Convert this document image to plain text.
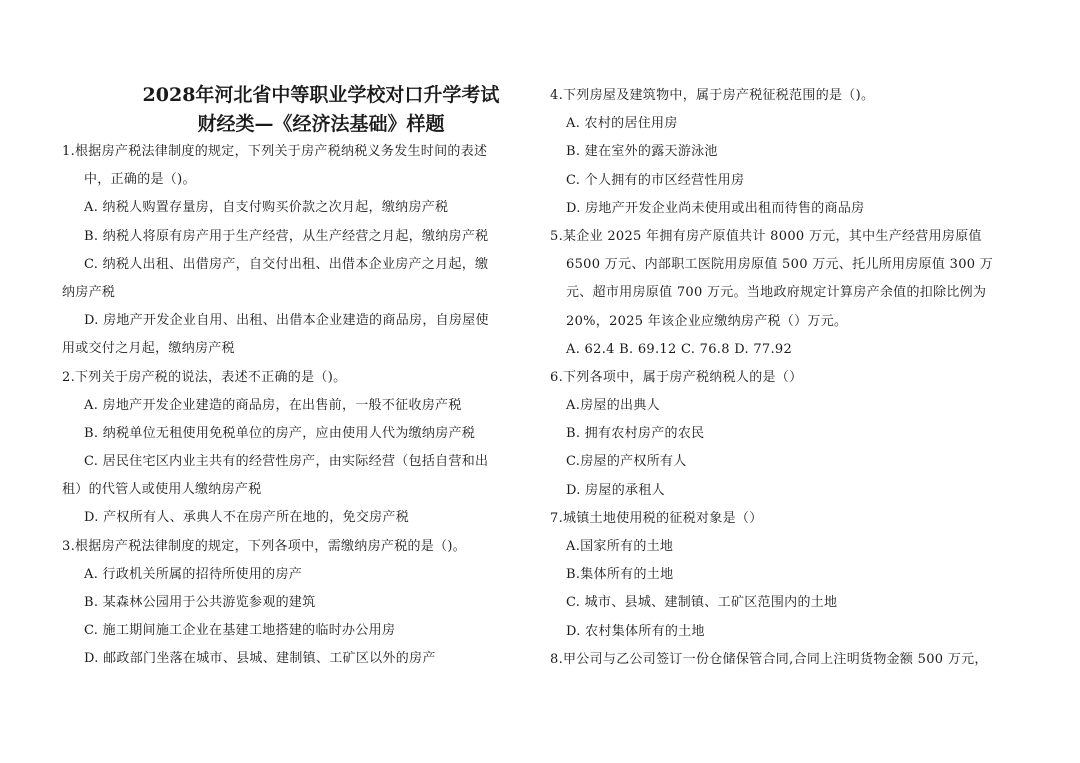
2028年河北省中等职业学校对口升学考试
财经类—《经济法基础》样题
1.根据房产税法律制度的规定，下列关于房产税纳税义务发生时间的表述
中，正确的是（)。
A. 纳税人购置存量房，自支付购买价款之次月起，缴纳房产税
B. 纳税人将原有房产用于生产经营，从生产经营之月起，缴纳房产税
C. 纳税人出租、出借房产，自交付出租、出借本企业房产之月起，缴
纳房产税
D. 房地产开发企业自用、出租、出借本企业建造的商品房，自房屋使
用或交付之月起，缴纳房产税
2.下列关于房产税的说法，表述不正确的是（)。
A. 房地产开发企业建造的商品房，在出售前，一般不征收房产税
B. 纳税单位无租使用免税单位的房产，应由使用人代为缴纳房产税
C. 居民住宅区内业主共有的经营性房产，由实际经营（包括自营和出
租）的代管人或使用人缴纳房产税
D. 产权所有人、承典人不在房产所在地的，免交房产税
3.根据房产税法律制度的规定，下列各项中，需缴纳房产税的是（)。
A. 行政机关所属的招待所使用的房产
B. 某森林公园用于公共游览参观的建筑
C. 施工期间施工企业在基建工地搭建的临时办公用房
D. 邮政部门坐落在城市、县城、建制镇、工矿区以外的房产
4.下列房屋及建筑物中，属于房产税征税范围的是（)。
A. 农村的居住用房
B. 建在室外的露天游泳池
C. 个人拥有的市区经营性用房
D. 房地产开发企业尚未使用或出租而待售的商品房
5.某企业 2025 年拥有房产原值共计 8000 万元，其中生产经营用房原值
6500 万元、内部职工医院用房原值 500 万元、托儿所用房原值 300 万
元、超市用房原值 700 万元。当地政府规定计算房产余值的扣除比例为
20%，2025 年该企业应缴纳房产税（）万元。
A. 62.4 B. 69.12 C. 76.8 D. 77.92
6.下列各项中，属于房产税纳税人的是（）
A.房屋的出典人
B. 拥有农村房产的农民
C.房屋的产权所有人
D. 房屋的承租人
7.城镇土地使用税的征税对象是（）
A.国家所有的土地
B.集体所有的土地
C. 城市、县城、建制镇、工矿区范围内的土地
D. 农村集体所有的土地
8.甲公司与乙公司签订一份仓储保管合同,合同上注明货物金额 500 万元，
